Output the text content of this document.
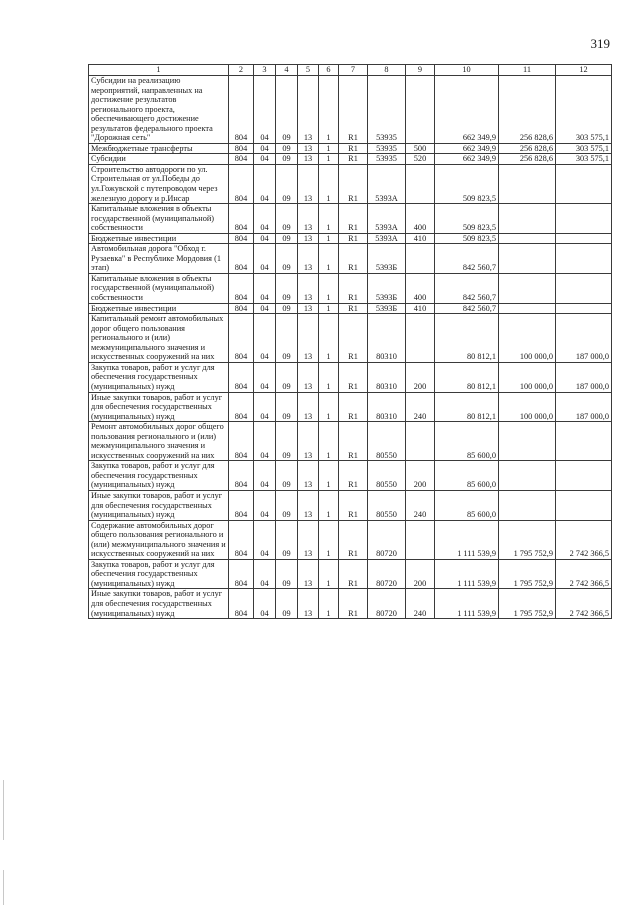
319
1	2	3	4	5	6	7	8	9	10	11	12
Субсидии на реализацию мероприятий, направленных на достижение результатов регионального проекта, обеспечивающего достижение результатов федерального проекта "Дорожная сеть"	804	04	09	13	1	R1	53935		662 349,9	256 828,6	303 575,1
Межбюджетные трансферты	804	04	09	13	1	R1	53935	500	662 349,9	256 828,6	303 575,1
Субсидии	804	04	09	13	1	R1	53935	520	662 349,9	256 828,6	303 575,1
Строительство автодороги по ул. Строительная от ул.Победы до ул.Гожувской с путепроводом через железную дорогу и р.Инсар	804	04	09	13	1	R1	5393А		509 823,5		
Капитальные вложения в объекты государственной (муниципальной) собственности	804	04	09	13	1	R1	5393А	400	509 823,5		
Бюджетные инвестиции	804	04	09	13	1	R1	5393А	410	509 823,5		
Автомобильная дорога "Обход г. Рузаевка" в Республике Мордовия (1 этап)	804	04	09	13	1	R1	5393Б		842 560,7		
Капитальные вложения в объекты государственной (муниципальной) собственности	804	04	09	13	1	R1	5393Б	400	842 560,7		
Бюджетные инвестиции	804	04	09	13	1	R1	5393Б	410	842 560,7		
Капитальный ремонт автомобильных дорог общего пользования регионального и (или) межмуниципального значения и искусственных сооружений на них	804	04	09	13	1	R1	80310		80 812,1	100 000,0	187 000,0
Закупка товаров, работ и услуг для обеспечения государственных (муниципальных) нужд	804	04	09	13	1	R1	80310	200	80 812,1	100 000,0	187 000,0
Иные закупки товаров, работ и услуг для обеспечения государственных (муниципальных) нужд	804	04	09	13	1	R1	80310	240	80 812,1	100 000,0	187 000,0
Ремонт автомобильных дорог общего пользования регионального и (или) межмуниципального значения и искусственных сооружений на них	804	04	09	13	1	R1	80550		85 600,0		
Закупка товаров, работ и услуг для обеспечения государственных (муниципальных) нужд	804	04	09	13	1	R1	80550	200	85 600,0		
Иные закупки товаров, работ и услуг для обеспечения государственных (муниципальных) нужд	804	04	09	13	1	R1	80550	240	85 600,0		
Содержание автомобильных дорог общего пользования регионального и (или) межмуниципального значения и искусственных сооружений на них	804	04	09	13	1	R1	80720		1 111 539,9	1 795 752,9	2 742 366,5
Закупка товаров, работ и услуг для обеспечения государственных (муниципальных) нужд	804	04	09	13	1	R1	80720	200	1 111 539,9	1 795 752,9	2 742 366,5
Иные закупки товаров, работ и услуг для обеспечения государственных (муниципальных) нужд	804	04	09	13	1	R1	80720	240	1 111 539,9	1 795 752,9	2 742 366,5
